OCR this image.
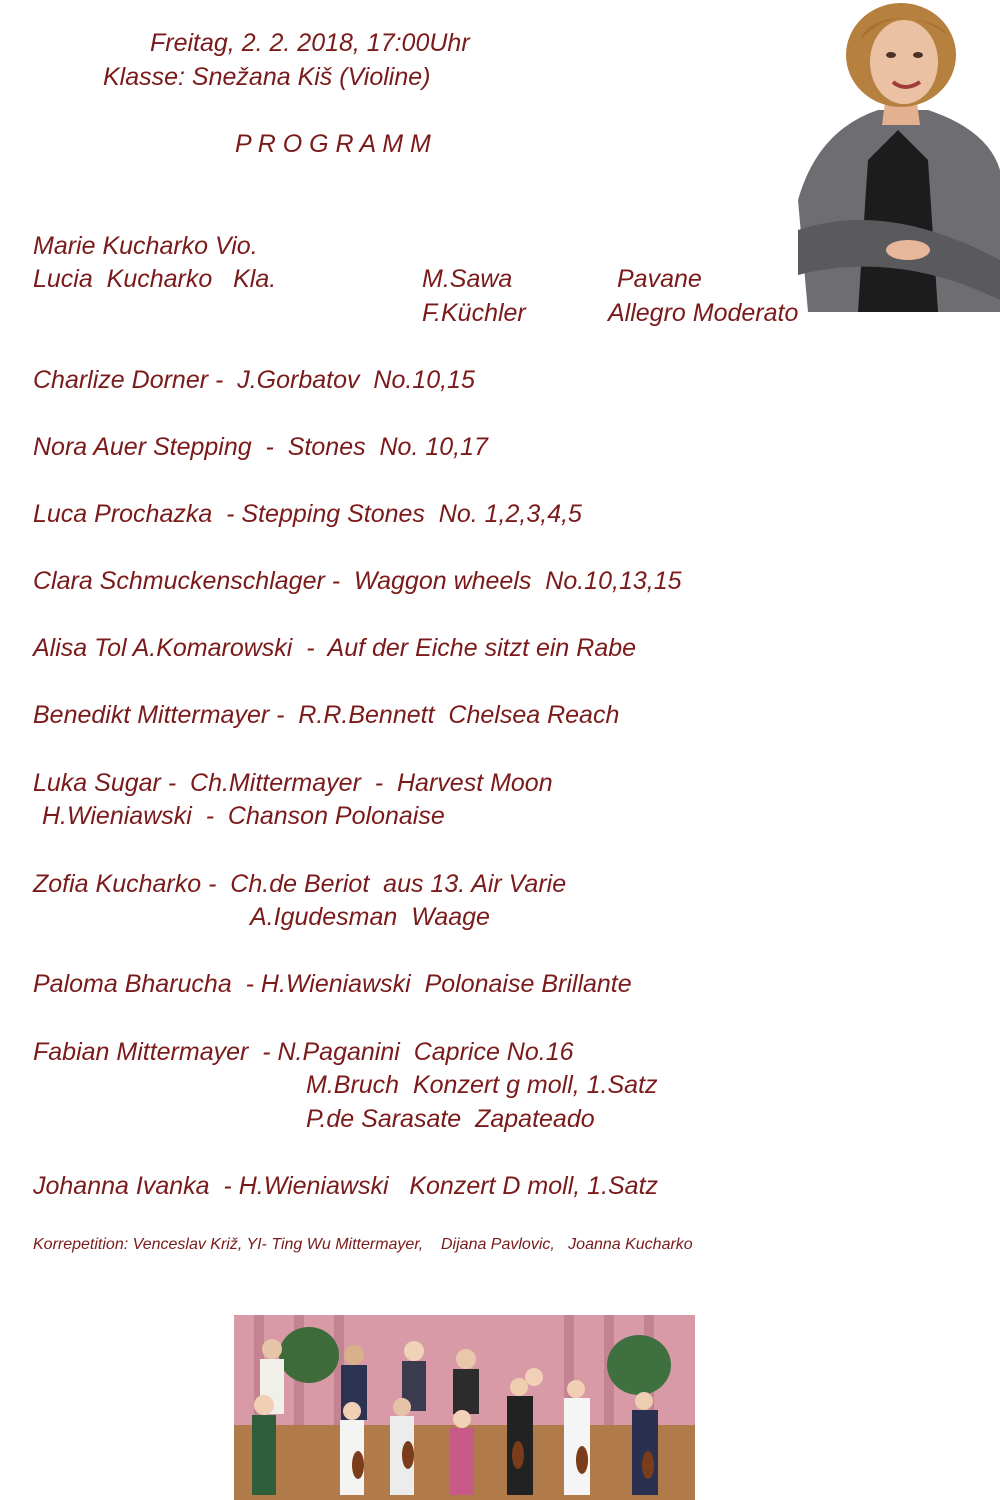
Freitag, 2. 2. 2018, 17:00Uhr
Klasse: Snežana Kiš (Violine)
P R O G R A M M
Marie Kucharko Vio.
Lucia  Kucharko   Kla.	M.Sawa	Pavane
F.Küchler	Allegro Moderato
Charlize Dorner -  J.Gorbatov  No.10,15
Nora Auer Stepping  -  Stones  No. 10,17
Luca Prochazka  - Stepping Stones  No. 1,2,3,4,5
Clara Schmuckenschlager -  Waggon wheels  No.10,13,15
Alisa Tol A.Komarowski  -  Auf der Eiche sitzt ein Rabe
Benedikt Mittermayer -  R.R.Bennett  Chelsea Reach
Luka Sugar -  Ch.Mittermayer  -  Harvest Moon
H.Wieniawski  -  Chanson Polonaise
Zofia Kucharko -  Ch.de Beriot  aus 13. Air Varie
A.Igudesman  Waage
Paloma Bharucha  - H.Wieniawski  Polonaise Brillante
Fabian Mittermayer  - N.Paganini  Caprice No.16
M.Bruch  Konzert g moll, 1.Satz
P.de Sarasate  Zapateado
Johanna Ivanka  - H.Wieniawski   Konzert D moll, 1.Satz
Korrepetition: Venceslav Križ, YI- Ting Wu Mittermayer,    Dijana Pavlovic,   Joanna Kucharko
